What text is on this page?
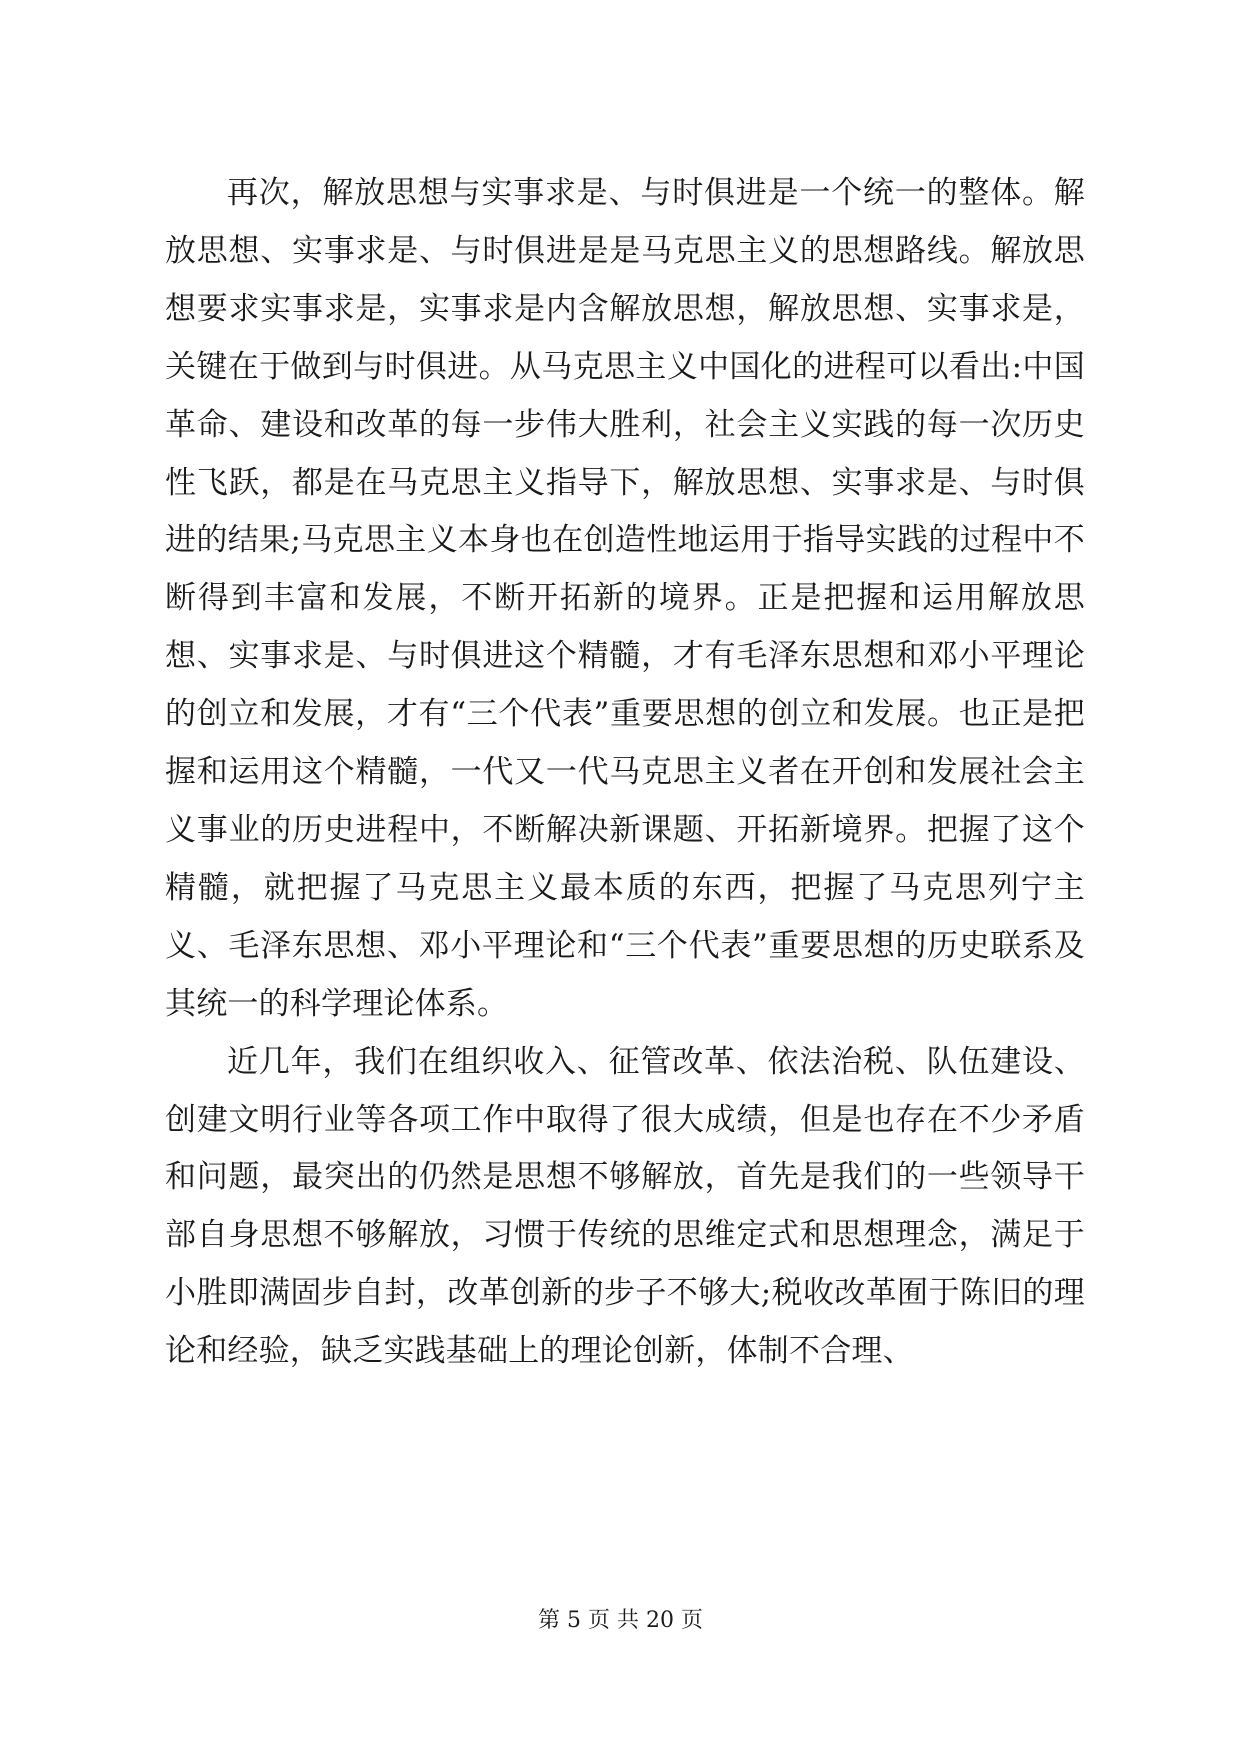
再次，解放思想与实事求是、与时俱进是一个统一的整体。解放思想、实事求是、与时俱进是是马克思主义的思想路线。解放思想要求实事求是，实事求是内含解放思想，解放思想、实事求是，关键在于做到与时俱进。从马克思主义中国化的进程可以看出:中国革命、建设和改革的每一步伟大胜利，社会主义实践的每一次历史性飞跃，都是在马克思主义指导下，解放思想、实事求是、与时俱进的结果;马克思主义本身也在创造性地运用于指导实践的过程中不断得到丰富和发展，不断开拓新的境界。正是把握和运用解放思想、实事求是、与时俱进这个精髓，才有毛泽东思想和邓小平理论的创立和发展，才有“三个代表”重要思想的创立和发展。也正是把握和运用这个精髓，一代又一代马克思主义者在开创和发展社会主义事业的历史进程中，不断解决新课题、开拓新境界。把握了这个精髓，就把握了马克思主义最本质的东西，把握了马克思列宁主义、毛泽东思想、邓小平理论和“三个代表”重要思想的历史联系及其统一的科学理论体系。

近几年，我们在组织收入、征管改革、依法治税、队伍建设、创建文明行业等各项工作中取得了很大成绩，但是也存在不少矛盾和问题，最突出的仍然是思想不够解放，首先是我们的一些领导干部自身思想不够解放，习惯于传统的思维定式和思想理念，满足于小胜即满固步自封，改革创新的步子不够大;税收改革囿于陈旧的理论和经验，缺乏实践基础上的理论创新，体制不合理、

第 5 页 共 20 页
